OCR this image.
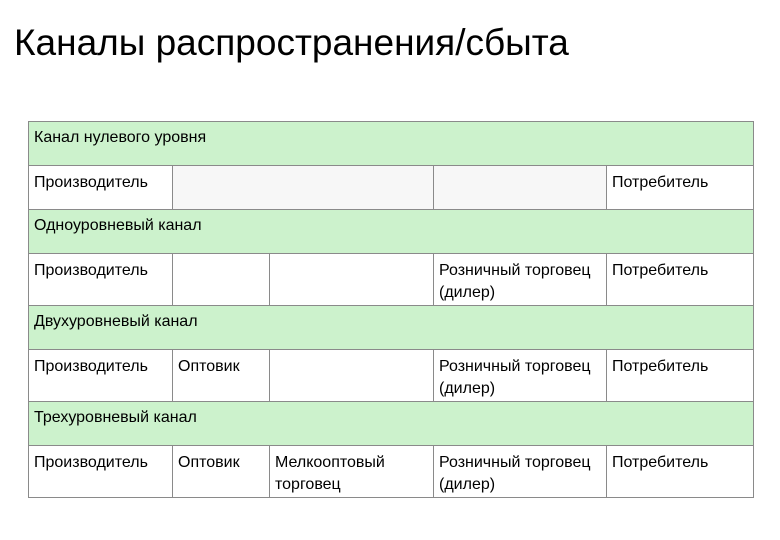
Каналы распространения/сбыта
Канал нулевого уровня				
Производитель				Потребитель
Одноуровневый канал				
Производитель			Розничный торговец (дилер)	Потребитель
Двухуровневый канал				
Производитель	Оптовик		Розничный торговец (дилер)	Потребитель
Трехуровневый канал				
Производитель	Оптовик	Мелкооптовый торговец	Розничный торговец (дилер)	Потребитель
